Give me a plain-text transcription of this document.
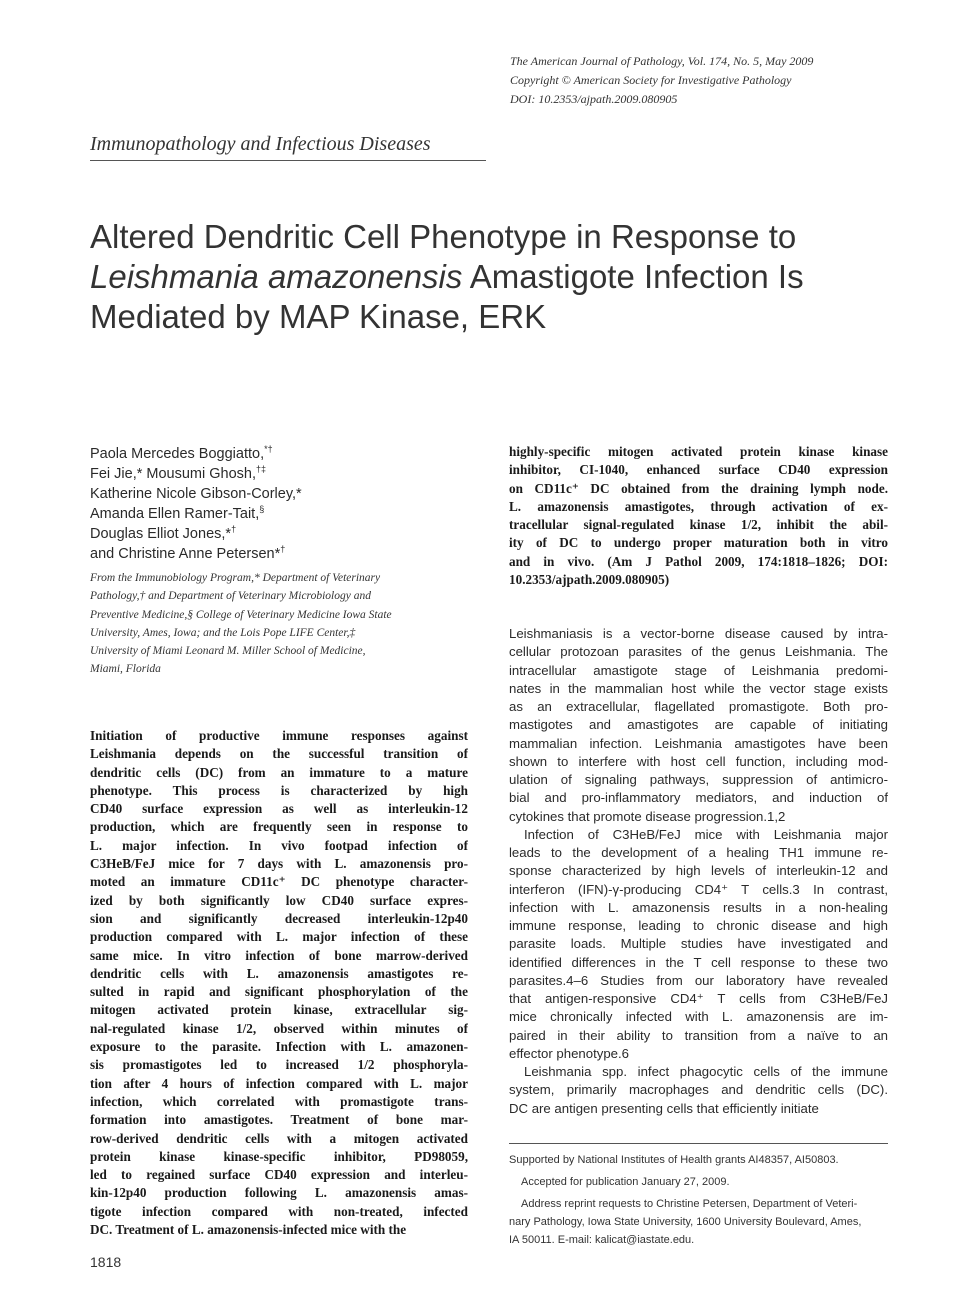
The American Journal of Pathology, Vol. 174, No. 5, May 2009
Copyright © American Society for Investigative Pathology
DOI: 10.2353/ajpath.2009.080905
Immunopathology and Infectious Diseases
Altered Dendritic Cell Phenotype in Response to
Leishmania amazonensis Amastigote Infection Is
Mediated by MAP Kinase, ERK
Paola Mercedes Boggiatto,*†
Fei Jie,* Mousumi Ghosh,†‡
Katherine Nicole Gibson-Corley,*
Amanda Ellen Ramer-Tait,§
Douglas Elliot Jones,*†
and Christine Anne Petersen*†
From the Immunobiology Program,* Department of Veterinary
Pathology,† and Department of Veterinary Microbiology and
Preventive Medicine,§ College of Veterinary Medicine Iowa State
University, Ames, Iowa; and the Lois Pope LIFE Center,‡
University of Miami Leonard M. Miller School of Medicine,
Miami, Florida
Initiation of productive immune responses against
Leishmania depends on the successful transition of
dendritic cells (DC) from an immature to a mature
phenotype. This process is characterized by high
CD40 surface expression as well as interleukin-12
production, which are frequently seen in response to
L. major infection. In vivo footpad infection of
C3HeB/FeJ mice for 7 days with L. amazonensis pro-
moted an immature CD11c⁺ DC phenotype character-
ized by both significantly low CD40 surface expres-
sion and significantly decreased interleukin-12p40
production compared with L. major infection of these
same mice. In vitro infection of bone marrow-derived
dendritic cells with L. amazonensis amastigotes re-
sulted in rapid and significant phosphorylation of the
mitogen activated protein kinase, extracellular sig-
nal-regulated kinase 1/2, observed within minutes of
exposure to the parasite. Infection with L. amazonen-
sis promastigotes led to increased 1/2 phosphoryla-
tion after 4 hours of infection compared with L. major
infection, which correlated with promastigote trans-
formation into amastigotes. Treatment of bone mar-
row-derived dendritic cells with a mitogen activated
protein kinase kinase-specific inhibitor, PD98059,
led to regained surface CD40 expression and interleu-
kin-12p40 production following L. amazonensis amas-
tigote infection compared with non-treated, infected
DC. Treatment of L. amazonensis-infected mice with the
highly-specific mitogen activated protein kinase kinase
inhibitor, CI-1040, enhanced surface CD40 expression
on CD11c⁺ DC obtained from the draining lymph node.
L. amazonensis amastigotes, through activation of ex-
tracellular signal-regulated kinase 1/2, inhibit the abil-
ity of DC to undergo proper maturation both in vitro
and in vivo. (Am J Pathol 2009, 174:1818–1826; DOI:
10.2353/ajpath.2009.080905)
Leishmaniasis is a vector-borne disease caused by intra-
cellular protozoan parasites of the genus Leishmania. The
intracellular amastigote stage of Leishmania predomi-
nates in the mammalian host while the vector stage exists
as an extracellular, flagellated promastigote. Both pro-
mastigotes and amastigotes are capable of initiating
mammalian infection. Leishmania amastigotes have been
shown to interfere with host cell function, including mod-
ulation of signaling pathways, suppression of antimicro-
bial and pro-inflammatory mediators, and induction of
cytokines that promote disease progression.1,2
Infection of C3HeB/FeJ mice with Leishmania major
leads to the development of a healing TH1 immune re-
sponse characterized by high levels of interleukin-12 and
interferon (IFN)-γ-producing CD4⁺ T cells.3 In contrast,
infection with L. amazonensis results in a non-healing
immune response, leading to chronic disease and high
parasite loads. Multiple studies have investigated and
identified differences in the T cell response to these two
parasites.4–6 Studies from our laboratory have revealed
that antigen-responsive CD4⁺ T cells from C3HeB/FeJ
mice chronically infected with L. amazonensis are im-
paired in their ability to transition from a naïve to an
effector phenotype.6
Leishmania spp. infect phagocytic cells of the immune
system, primarily macrophages and dendritic cells (DC).
DC are antigen presenting cells that efficiently initiate
Supported by National Institutes of Health grants AI48357, AI50803.
Accepted for publication January 27, 2009.
Address reprint requests to Christine Petersen, Department of Veteri-
nary Pathology, Iowa State University, 1600 University Boulevard, Ames,
IA 50011. E-mail: kalicat@iastate.edu.
1818
